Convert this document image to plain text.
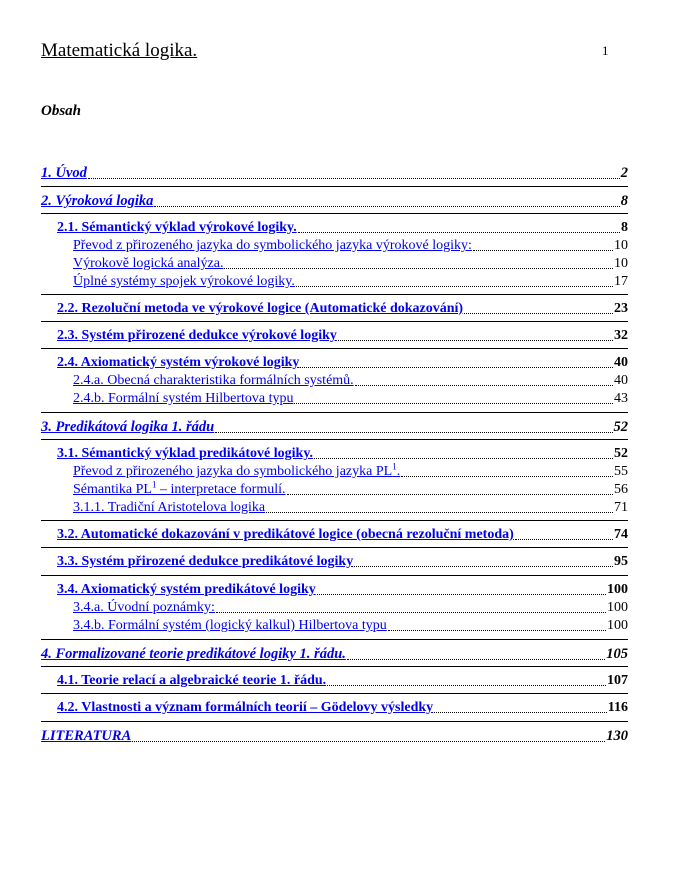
Matematická logika.	1
Obsah
1. Úvod	2
2. Výroková logika	8
2.1. Sémantický výklad výrokové logiky.	8
Převod z přirozeného jazyka do symbolického jazyka výrokové logiky:	10
Výrokově logická analýza.	10
Úplné systémy spojek výrokové logiky.	17
2.2. Rezoluční metoda ve výrokové logice (Automatické dokazování)	23
2.3. Systém přirozené dedukce výrokové logiky	32
2.4. Axiomatický systém výrokové logiky	40
2.4.a. Obecná charakteristika formálních systémů.	40
2.4.b. Formální systém Hilbertova typu	43
3. Predikátová logika 1. řádu	52
3.1. Sémantický výklad predikátové logiky.	52
Převod z přirozeného jazyka do symbolického jazyka $PL^1$.	55
Sémantika $PL^1$ – interpretace formulí.	56
3.1.1. Tradiční Aristotelova logika	71
3.2. Automatické dokazování v predikátové logice (obecná rezoluční metoda)	74
3.3. Systém přirozené dedukce predikátové logiky	95
3.4. Axiomatický systém predikátové logiky	100
3.4.a. Úvodní poznámky:	100
3.4.b. Formální systém (logický kalkul) Hilbertova typu	100
4. Formalizované teorie predikátové logiky 1. řádu.	105
4.1. Teorie relací a algebraické teorie 1. řádu.	107
4.2. Vlastnosti a význam formálních teorií – Gödelovy výsledky	116
LITERATURA	130
